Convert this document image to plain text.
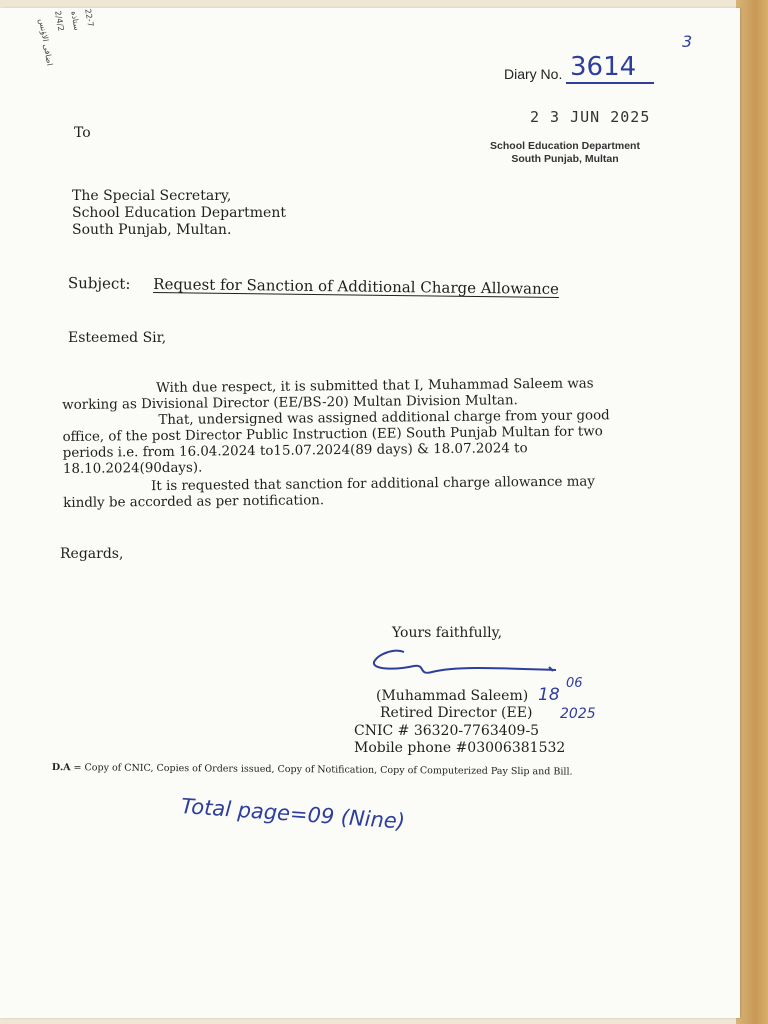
22-7
ستاذہ
2/4/2
اضافی الاؤنس	3
Diary No. 3614
2 3 JUN 2025
School Education Department
South Punjab, Multan
To
The Special Secretary,
School Education Department
South Punjab, Multan.
Subject: Request for Sanction of Additional Charge Allowance
Esteemed Sir,
With due respect, it is submitted that I, Muhammad Saleem was
working as Divisional Director (EE/BS-20) Multan Division Multan.
That, undersigned was assigned additional charge from your good
office, of the post Director Public Instruction (EE) South Punjab Multan for two
periods i.e. from 16.04.2024 to15.07.2024(89 days) & 18.07.2024 to
18.10.2024(90days).
It is requested that sanction for additional charge allowance may
kindly be accorded as per notification.
Regards,
Yours faithfully,
(Muhammad Saleem)
Retired Director (EE)
CNIC # 36320-7763409-5
Mobile phone #03006381532
18
06
2025
D.A = Copy of CNIC, Copies of Orders issued, Copy of Notification, Copy of Computerized Pay Slip and Bill.
Total page=09 (Nine)
